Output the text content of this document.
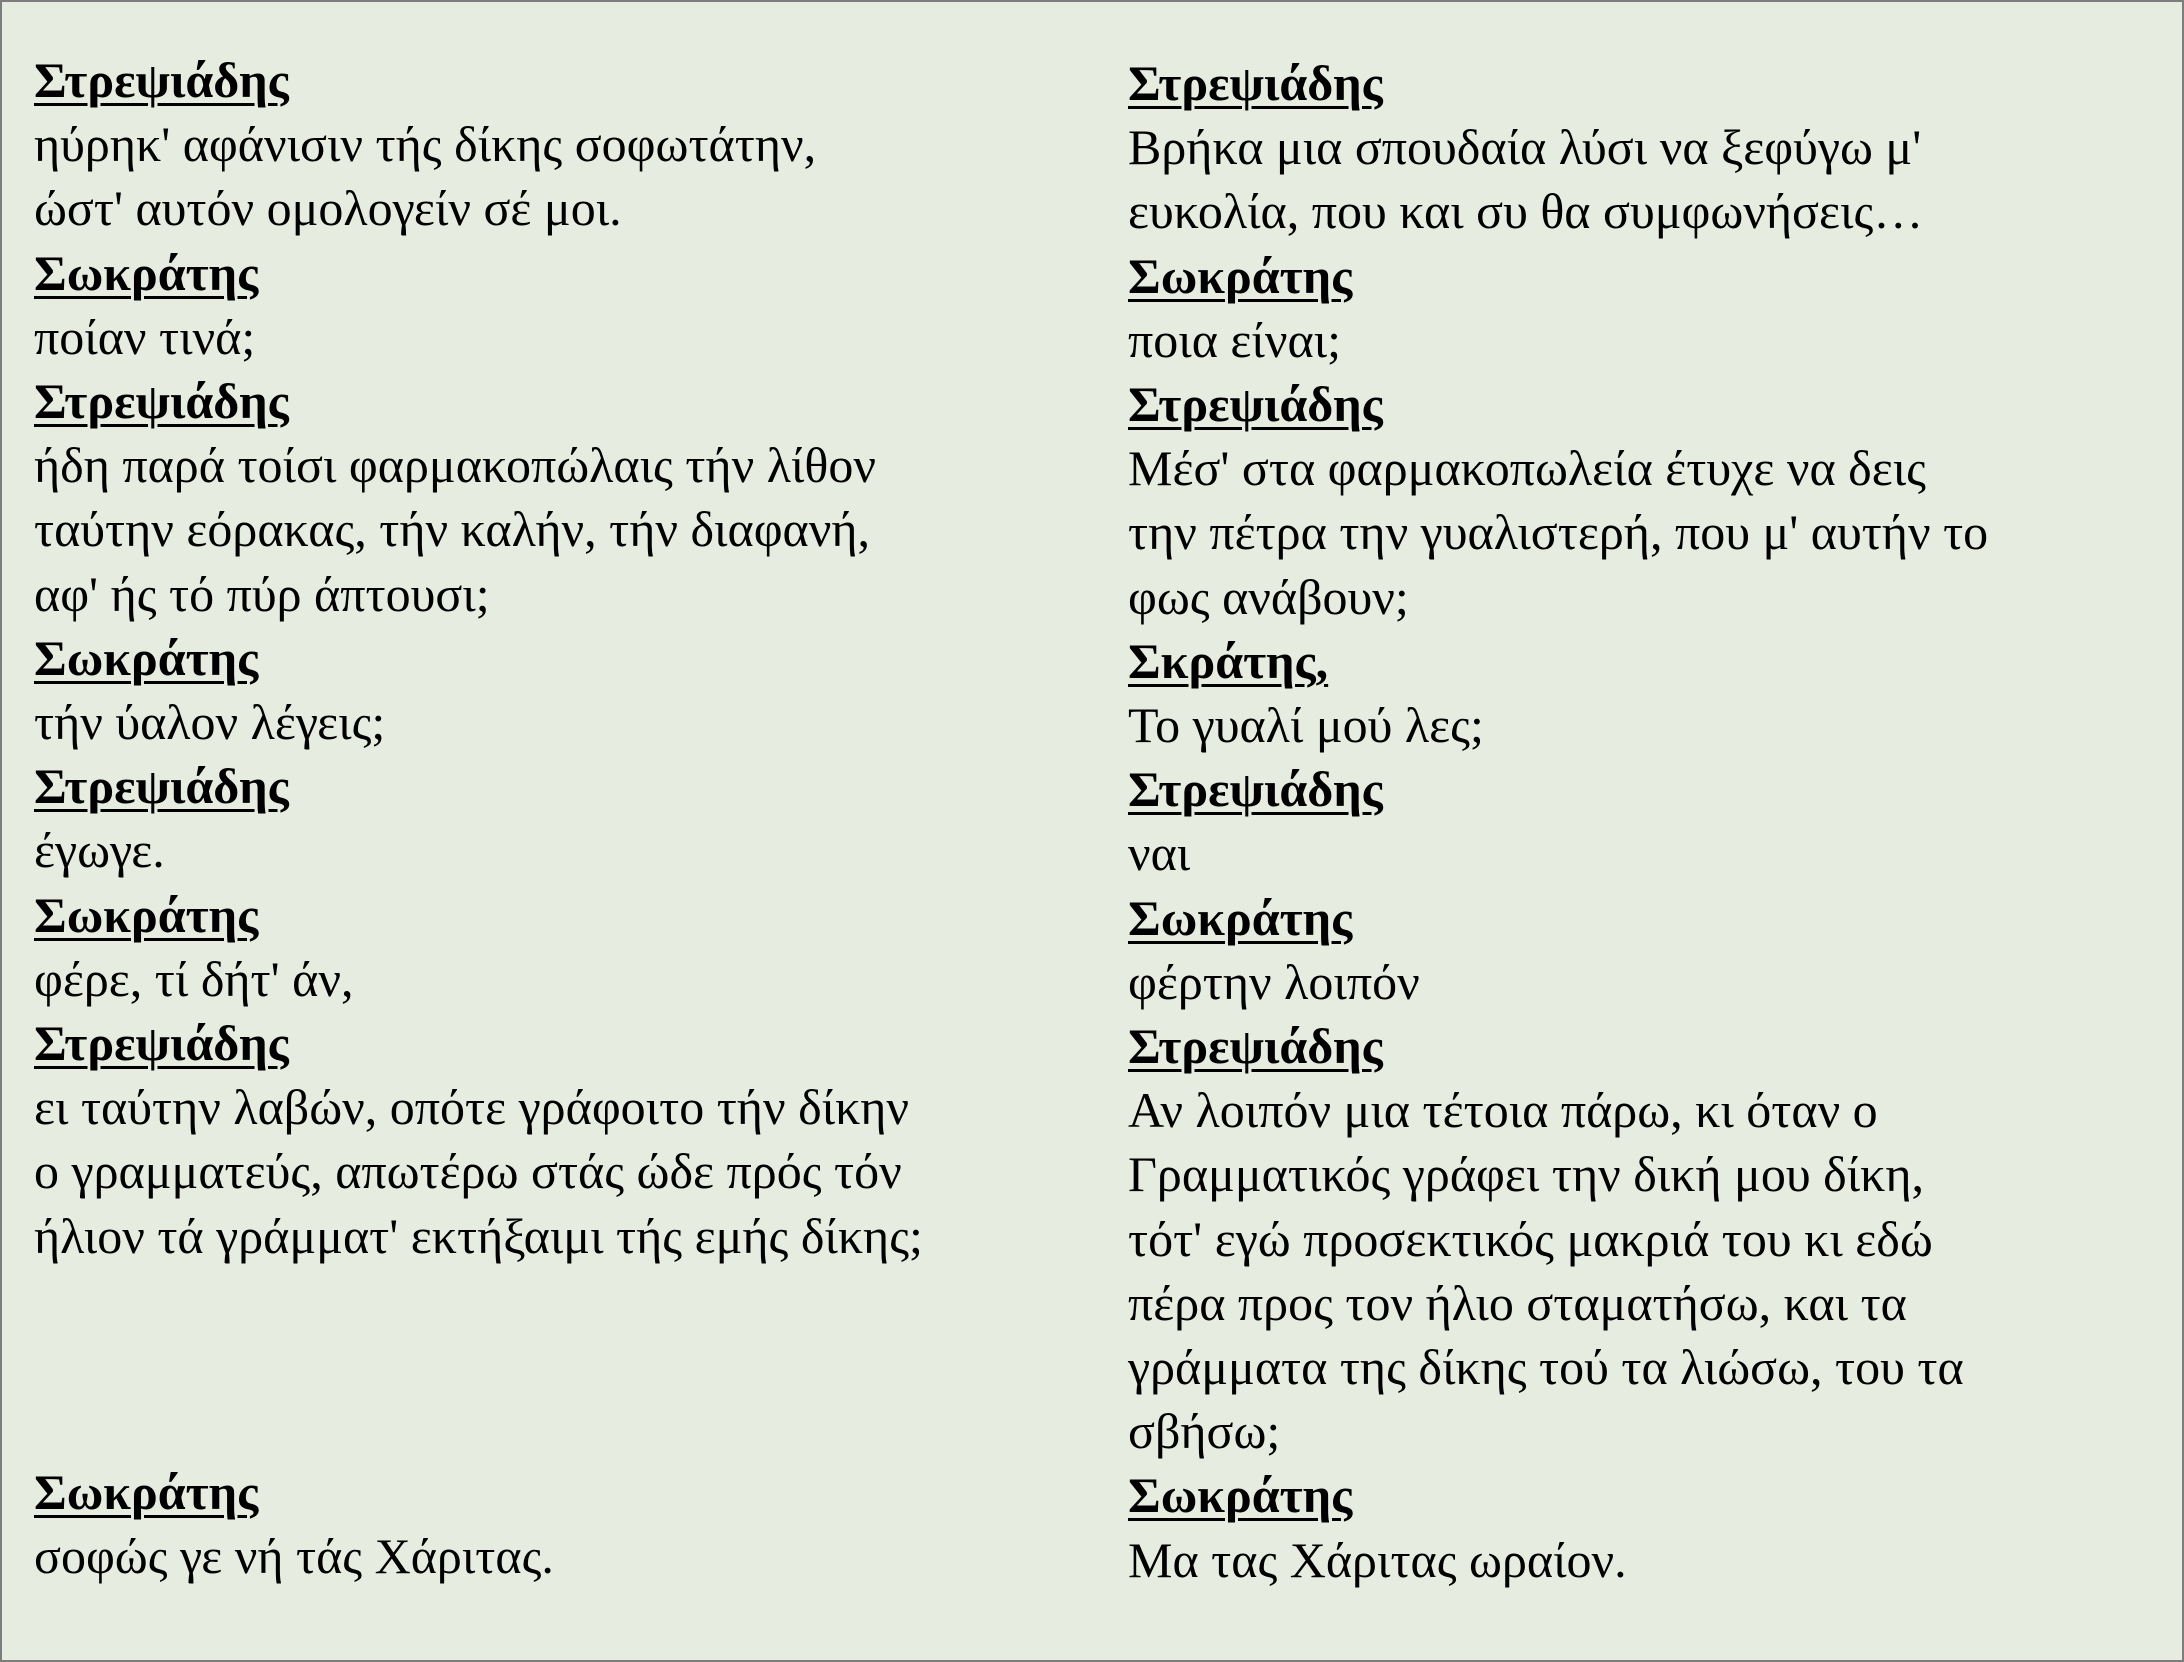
Στρεψιάδης
ηύρηκ' αφάνισιν τής δίκης σοφωτάτην,
ώστ' αυτόν ομολογείν σέ μοι.
Σωκράτης
ποίαν τινά;
Στρεψιάδης
ήδη παρά τοίσι φαρμακοπώλαις τήν λίθον
ταύτην εόρακας, τήν καλήν, τήν διαφανή,
αφ' ής τό πύρ άπτουσι;
Σωκράτης
τήν ύαλον λέγεις;
Στρεψιάδης
έγωγε.
Σωκράτης
φέρε, τί δήτ' άν,
Στρεψιάδης
ει ταύτην λαβών, οπότε γράφοιτο τήν δίκην
ο γραμματεύς, απωτέρω στάς ώδε πρός τόν
ήλιον τά γράμματ' εκτήξαιμι τής εμής δίκης;
Σωκράτης
σοφώς γε νή τάς Χάριτας.
Στρεψιάδης
Βρήκα μια σπουδαία λύσι να ξεφύγω μ'
ευκολία, που και συ θα συμφωνήσεις…
Σωκράτης
ποια είναι;
Στρεψιάδης
Μέσ' στα φαρμακοπωλεία έτυχε να δεις
την πέτρα την γυαλιστερή, που μ' αυτήν το
φως ανάβουν;
Σκράτης,
Το γυαλί μού λες;
Στρεψιάδης
ναι
Σωκράτης
φέρτην λοιπόν
Στρεψιάδης
Αν λοιπόν μια τέτοια πάρω, κι όταν ο
Γραμματικός γράφει την δική μου δίκη,
τότ' εγώ προσεκτικός μακριά του κι εδώ
πέρα προς τον ήλιο σταματήσω, και τα
γράμματα της δίκης τού τα λιώσω, του τα
σβήσω;
Σωκράτης
Μα τας Χάριτας ωραίον.
